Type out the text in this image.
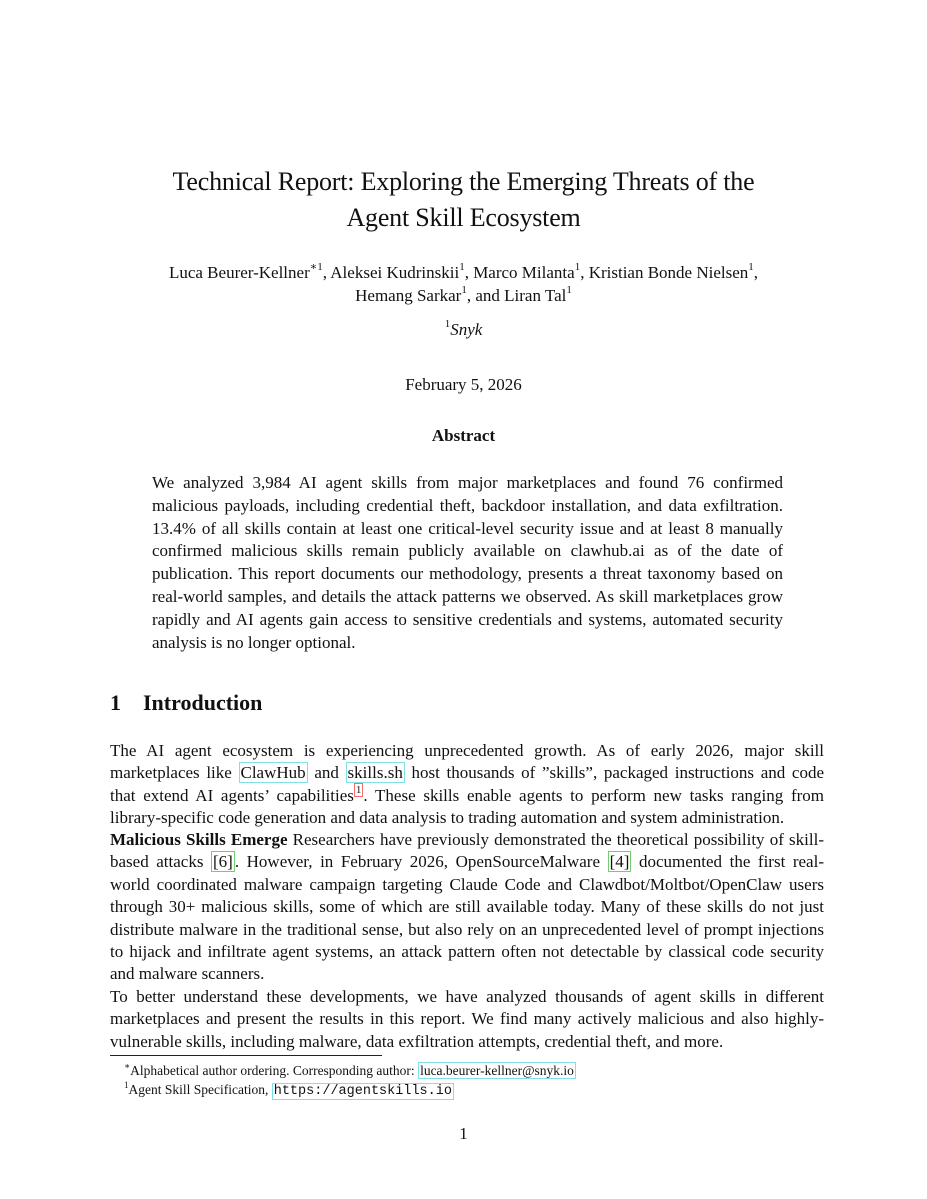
Technical Report: Exploring the Emerging Threats of the
Agent Skill Ecosystem
Luca Beurer-Kellner$^{∗1}$, Aleksei Kudrinskii$^1$, Marco Milanta$^1$, Kristian Bonde Nielsen$^1$,
Hemang Sarkar$^1$, and Liran Tal$^1$
$^1$Snyk
February 5, 2026
Abstract
We analyzed 3,984 AI agent skills from major marketplaces and found 76 confirmed malicious payloads, including credential theft, backdoor installation, and data exfiltration. 13.4% of all skills contain at least one critical-level security issue and at least 8 manually confirmed malicious skills remain publicly available on clawhub.ai as of the date of publication. This report documents our methodology, presents a threat taxonomy based on real-world samples, and details the attack patterns we observed. As skill marketplaces grow rapidly and AI agents gain access to sensitive credentials and systems, automated security analysis is no longer optional.
1 Introduction
The AI agent ecosystem is experiencing unprecedented growth. As of early 2026, major skill marketplaces like ClawHub and skills.sh host thousands of ”skills”, packaged instructions and code that extend AI agents’ capabilities $^1$ . These skills enable agents to perform new tasks ranging from library-specific code generation and data analysis to trading automation and system administration.
Malicious Skills Emerge Researchers have previously demonstrated the theoretical possibility of skill-based attacks [6] . However, in February 2026, OpenSourceMalware [4] documented the first real-world coordinated malware campaign targeting Claude Code and Clawdbot/Moltbot/OpenClaw users through 30+ malicious skills, some of which are still available today. Many of these skills do not just distribute malware in the traditional sense, but also rely on an unprecedented level of prompt injections to hijack and infiltrate agent systems, an attack pattern often not detectable by classical code security and malware scanners.
To better understand these developments, we have analyzed thousands of agent skills in different marketplaces and present the results in this report. We find many actively malicious and also highly-vulnerable skills, including malware, data exfiltration attempts, credential theft, and more.
∗Alphabetical author ordering. Corresponding author: luca.beurer-kellner@snyk.io
$^1$Agent Skill Specification, https://agentskills.io
1
